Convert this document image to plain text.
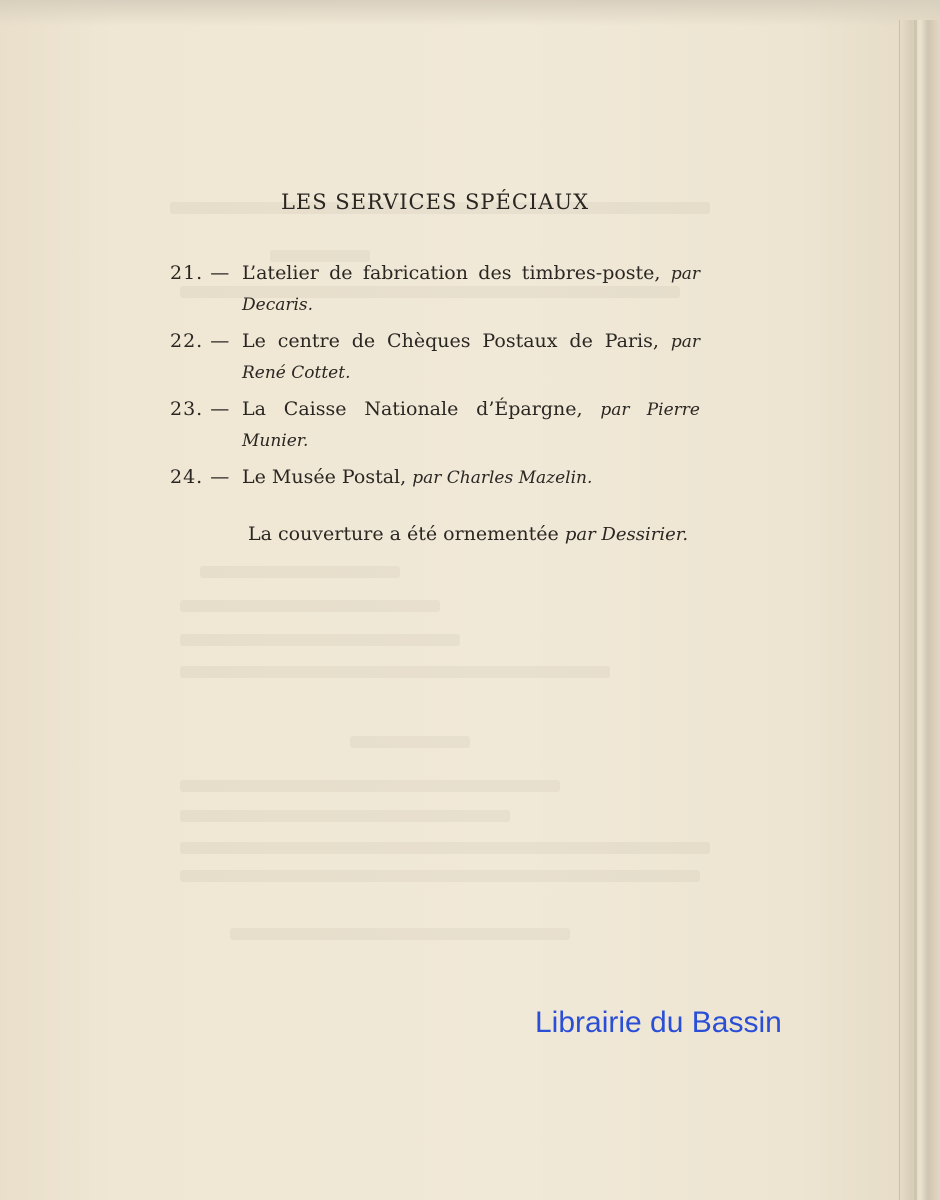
LES SERVICES SPÉCIAUX
21. — L’atelier de fabrication des timbres-poste, par Decaris.
22. — Le centre de Chèques Postaux de Paris, par René Cottet.
23. — La Caisse Nationale d’Épargne, par Pierre Munier.
24. — Le Musée Postal, par Charles Mazelin.
La couverture a été ornementée par Dessirier.
Librairie du Bassin
